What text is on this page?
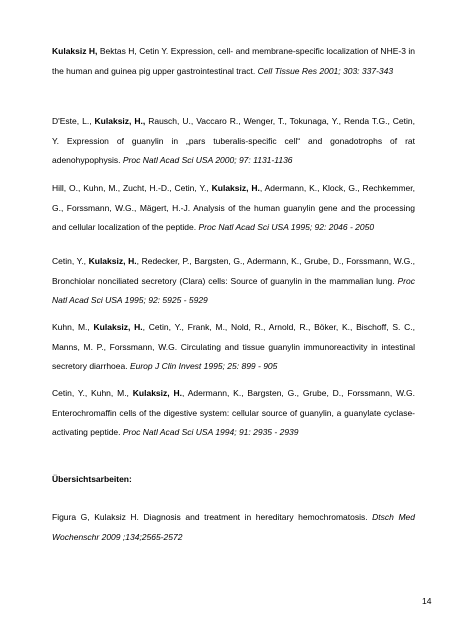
Kulaksiz H, Bektas H, Cetin Y. Expression, cell- and membrane-specific localization of NHE-3 in the human and guinea pig upper gastrointestinal tract. Cell Tissue Res 2001; 303: 337-343

D'Este, L., Kulaksiz, H., Rausch, U., Vaccaro R., Wenger, T., Tokunaga, Y., Renda T.G., Cetin, Y. Expression of guanylin in „pars tuberalis-specific cell“ and gonadotrophs of rat adenohypophysis. Proc Natl Acad Sci USA 2000; 97: 1131-1136

Hill, O., Kuhn, M., Zucht, H.-D., Cetin, Y., Kulaksiz, H., Adermann, K., Klock, G., Rechkemmer, G., Forssmann, W.G., Mägert, H.-J. Analysis of the human guanylin gene and the processing and cellular localization of the peptide. Proc Natl Acad Sci USA 1995; 92: 2046 - 2050

Cetin, Y., Kulaksiz, H., Redecker, P., Bargsten, G., Adermann, K., Grube, D., Forssmann, W.G., Bronchiolar nonciliated secretory (Clara) cells: Source of guanylin in the mammalian lung. Proc Natl Acad Sci USA 1995; 92: 5925 - 5929

Kuhn, M., Kulaksiz, H., Cetin, Y., Frank, M., Nold, R., Arnold, R., Böker, K., Bischoff, S. C., Manns, M. P., Forssmann, W.G. Circulating and tissue guanylin immunoreactivity in intestinal secretory diarrhoea. Europ J Clin Invest 1995; 25: 899 - 905

Cetin, Y., Kuhn, M., Kulaksiz, H., Adermann, K., Bargsten, G., Grube, D., Forssmann, W.G. Enterochromaffin cells of the digestive system: cellular source of guanylin, a guanylate cyclase-activating peptide. Proc Natl Acad Sci USA 1994; 91: 2935 - 2939

Übersichtsarbeiten:

Figura G, Kulaksiz H. Diagnosis and treatment in hereditary hemochromatosis. Dtsch Med Wochenschr 2009 ;134;2565-2572

14
